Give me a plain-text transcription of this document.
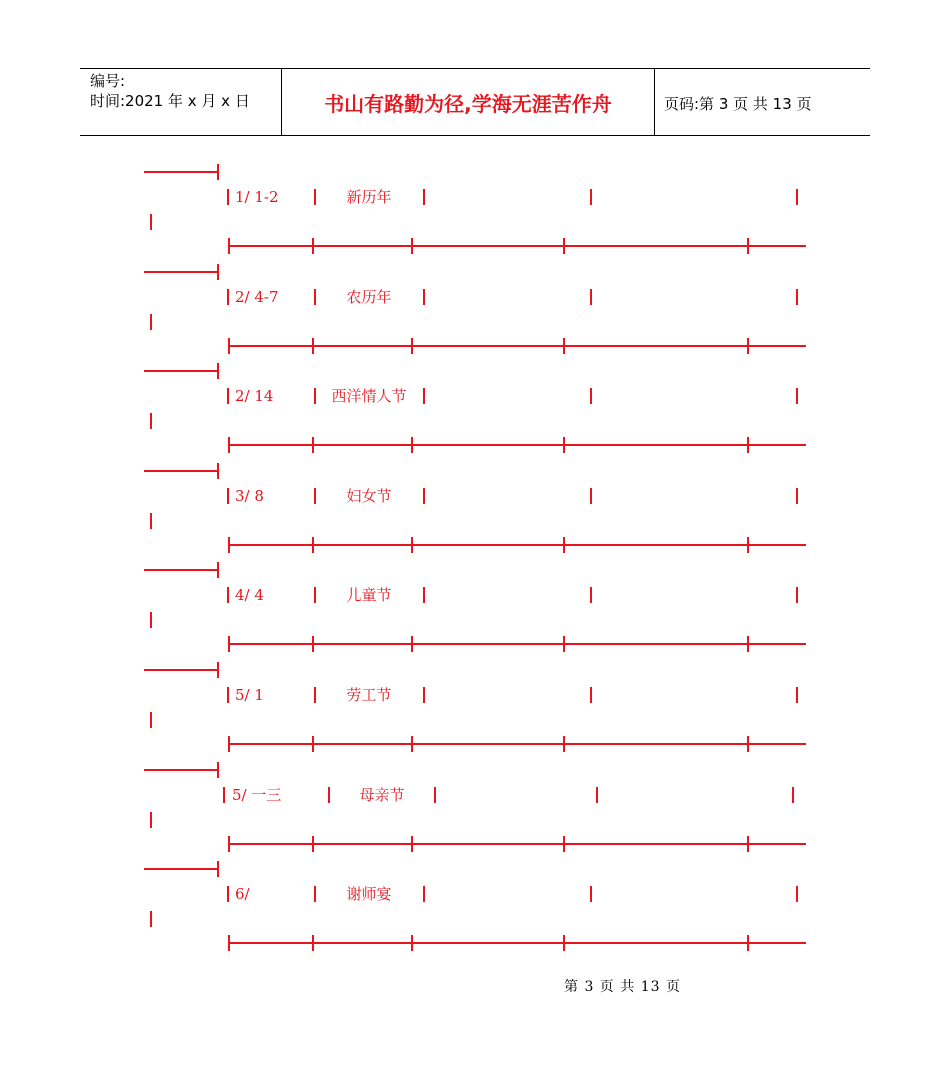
编号:
时间:2021 年 x 月 x 日	书山有路勤为径,学海无涯苦作舟	页码:第 3 页 共 13 页
1/ 1-2	新历年
2/ 4-7	农历年
2/ 14	西洋情人节
3/ 8	妇女节
4/ 4	儿童节
5/ 1	劳工节
5/ 一三	母亲节
6/	谢师宴
第 3 页 共 13 页
